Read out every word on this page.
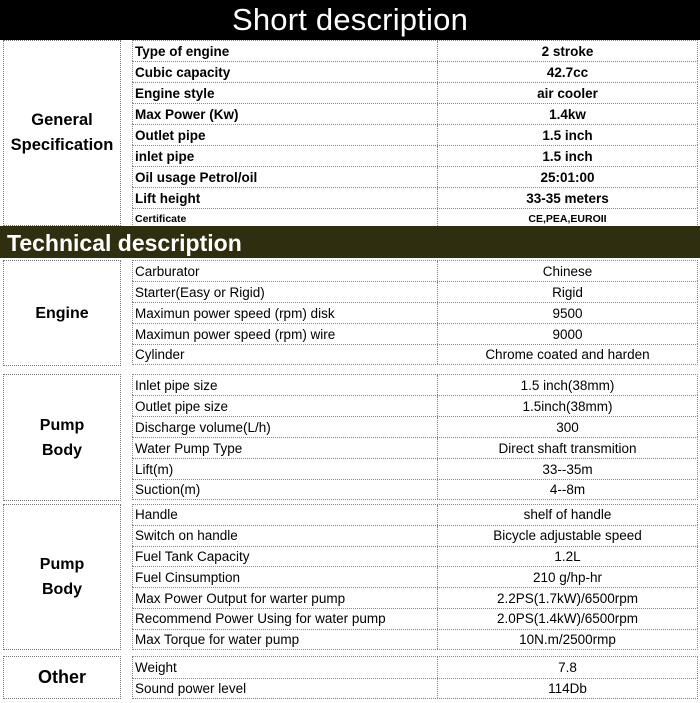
Short description
General
Specification
Type of engine	2 stroke
Cubic capacity	42.7cc
Engine style	air cooler
Max Power (Kw)	1.4kw
Outlet pipe	1.5 inch
inlet pipe	1.5 inch
Oil usage Petrol/oil	25:01:00
Lift height	33-35 meters
Certificate	CE,PEA,EUROII
Technical description
Engine
Carburator	Chinese
Starter(Easy or Rigid)	Rigid
Maximun power speed (rpm) disk	9500
Maximun power speed (rpm) wire	9000
Cylinder	Chrome coated and harden
Pump
Body
Inlet pipe size	1.5 inch(38mm)
Outlet pipe size	1.5inch(38mm)
Discharge volume(L/h)	300
Water Pump Type	Direct shaft transmition
Lift(m)	33--35m
Suction(m)	4--8m
Pump
Body
Handle	shelf of handle
Switch on handle	Bicycle adjustable speed
Fuel Tank Capacity	1.2L
Fuel Cinsumption	210 g/hp-hr
Max Power Output for warter pump	2.2PS(1.7kW)/6500rpm
Recommend Power Using for water pump	2.0PS(1.4kW)/6500rpm
Max Torque for water pump	10N.m/2500rmp
Other	Weight	7.8
Sound power level	114Db
